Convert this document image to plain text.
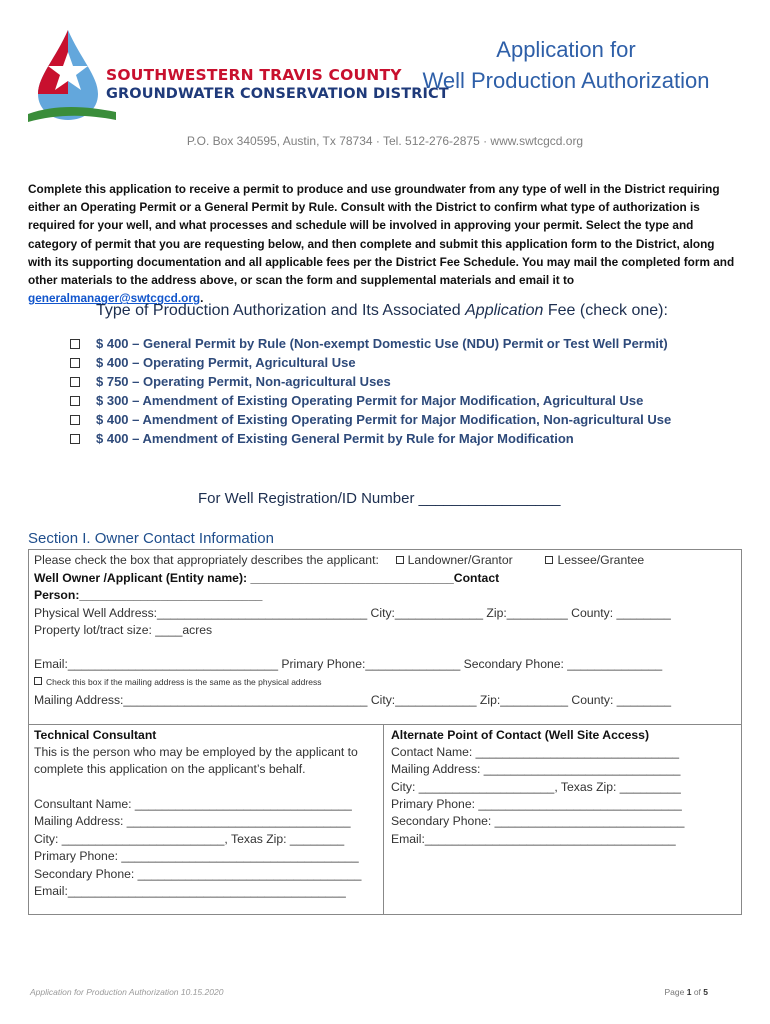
SOUTHWESTERN TRAVIS COUNTY
GROUNDWATER CONSERVATION DISTRICT
Application for
Well Production Authorization
P.O. Box 340595, Austin, Tx 78734 · Tel. 512-276-2875 · www.swtcgcd.org
Complete this application to receive a permit to produce and use groundwater from any type of well in the District requiring either an Operating Permit or a General Permit by Rule. Consult with the District to confirm what type of authorization is required for your well, and what processes and schedule will be involved in approving your permit. Select the type and category of permit that you are requesting below, and then complete and submit this application form to the District, along with its supporting documentation and all applicable fees per the District Fee Schedule. You may mail the completed form and other materials to the address above, or scan the form and supplemental materials and email it to generalmanager@swtcgcd.org.
Type of Production Authorization and Its Associated Application Fee (check one):
$ 400 – General Permit by Rule (Non-exempt Domestic Use (NDU) Permit or Test Well Permit)
$ 400 – Operating Permit, Agricultural Use
$ 750 – Operating Permit, Non-agricultural Uses
$ 300 – Amendment of Existing Operating Permit for Major Modification, Agricultural Use
$ 400 – Amendment of Existing Operating Permit for Major Modification, Non-agricultural Use
$ 400 – Amendment of Existing General Permit by Rule for Major Modification
For Well Registration/ID Number _________________
Section I. Owner Contact Information
Please check the box that appropriately describes the applicant: Landowner/Grantor	Lessee/Grantee
Well Owner /Applicant (Entity name): ______________________________Contact
Person:___________________________
Physical Well Address:_______________________________ City:_____________ Zip:_________ County: ________
Property lot/tract size: ____acres
Email:_______________________________ Primary Phone:______________ Secondary Phone: ______________
Check this box if the mailing address is the same as the physical address
Mailing Address:____________________________________ City:____________ Zip:__________ County: ________
Technical Consultant
This is the person who may be employed by the applicant to
complete this application on the applicant’s behalf.
Consultant Name: ________________________________
Mailing Address: _________________________________
City: ________________________, Texas Zip: ________
Primary Phone: ___________________________________
Secondary Phone: _________________________________
Email:_________________________________________
Alternate Point of Contact (Well Site Access)
Contact Name: ______________________________
Mailing Address: _____________________________
City: ____________________, Texas Zip: _________
Primary Phone: ______________________________
Secondary Phone: ____________________________
Email:_____________________________________
Application for Production Authorization 10.15.2020	Page 1 of 5
